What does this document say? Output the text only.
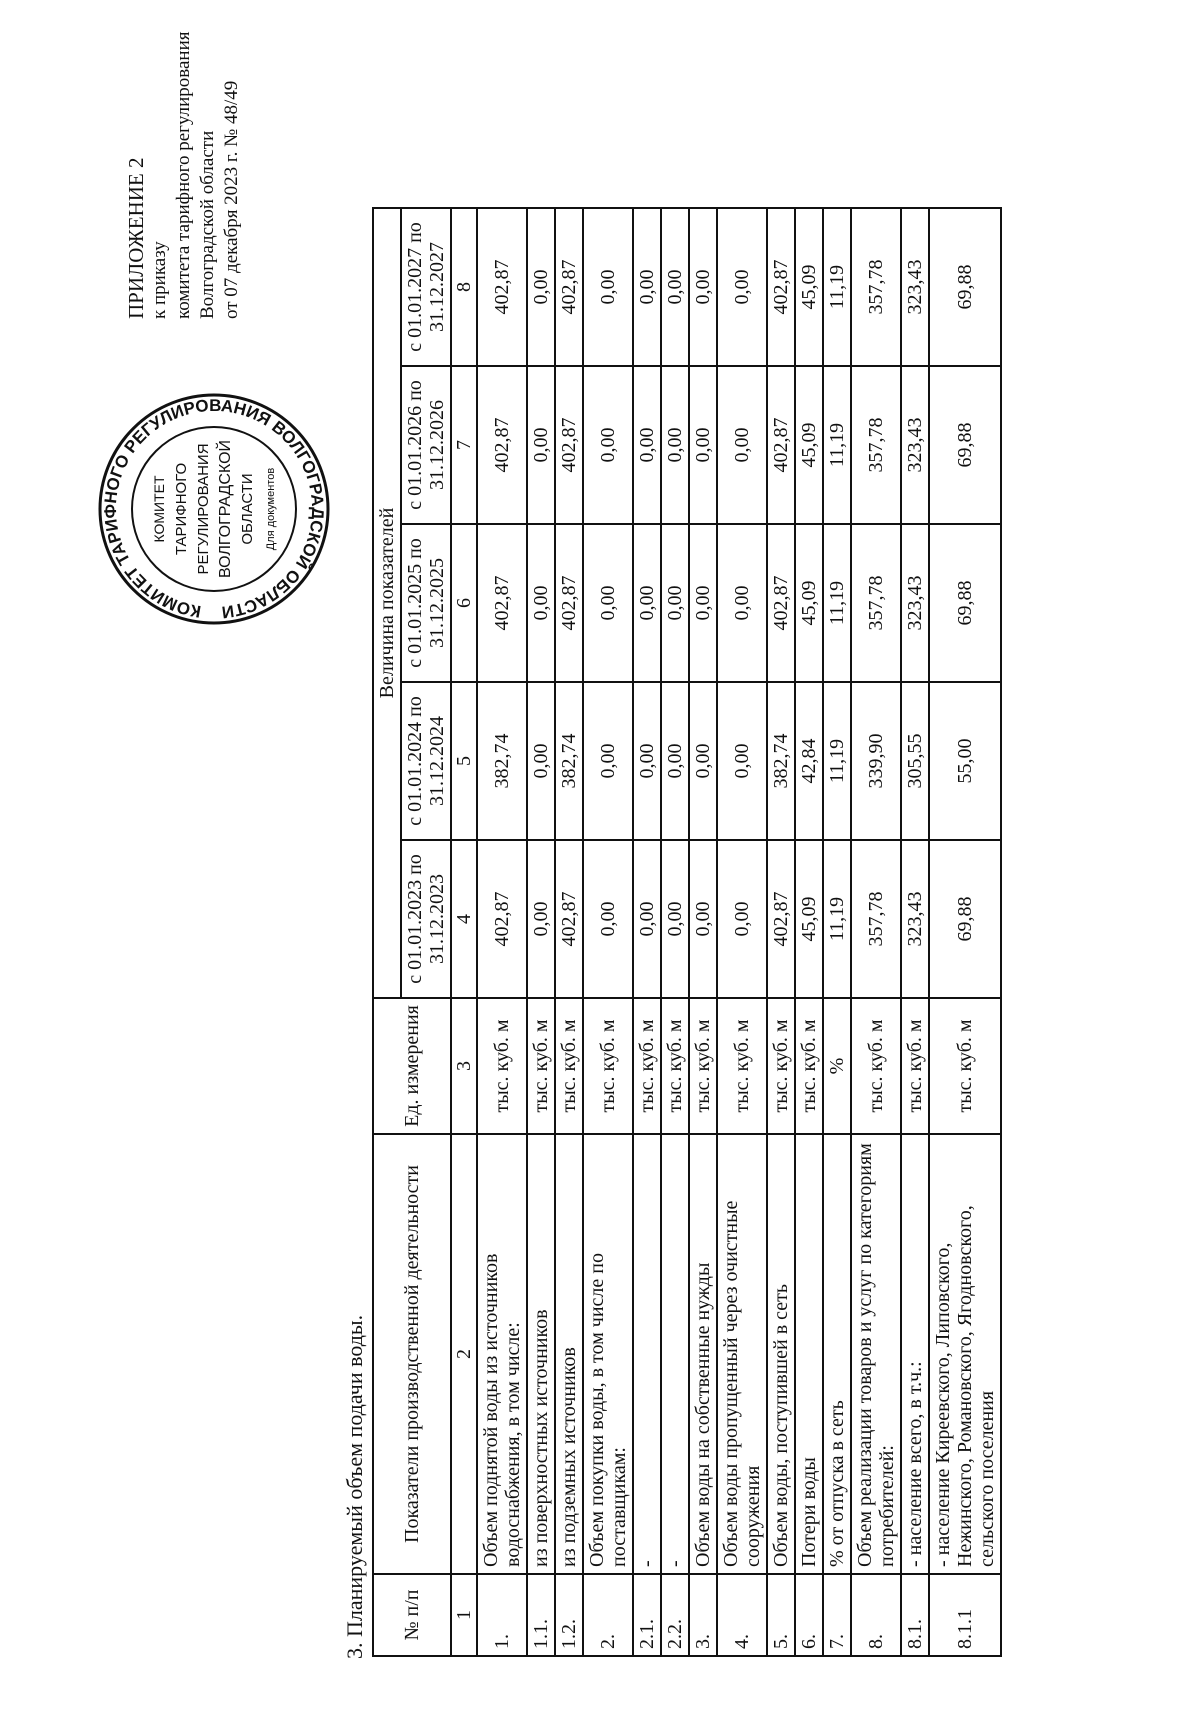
КОМИТЕТ ТАРИФНОГО РЕГУЛИРОВАНИЯ ВОЛГОГРАДСКОЙ ОБЛАСТИ
КОМИТЕТ ТАРИФНОГО РЕГУЛИРОВАНИЯ ВОЛГОГРАДСКОЙ ОБЛАСТИ Для документов
ПРИЛОЖЕНИЕ 2 к приказу комитета тарифного регулирования Волгоградской области от 07 декабря 2023 г. № 48/49
3. Планируемый объем подачи воды. № п/п	Показатели производственной деятельности	Ед. измерения	Величина показателей				
			с 01.01.2023 по 31.12.2023	с 01.01.2024 по 31.12.2024	с 01.01.2025 по 31.12.2025	с 01.01.2026 по 31.12.2026	с 01.01.2027 по 31.12.2027
1	2	3	4	5	6	7	8
1.	Объем поднятой воды из источников водоснабжения, в том числе:	тыс. куб. м	402,87	382,74	402,87	402,87	402,87
1.1.	из поверхностных источников	тыс. куб. м	0,00	0,00	0,00	0,00	0,00
1.2.	из подземных источников	тыс. куб. м	402,87	382,74	402,87	402,87	402,87
2.	Объем покупки воды, в том числе по поставщикам:	тыс. куб. м	0,00	0,00	0,00	0,00	0,00
2.1.	-	тыс. куб. м	0,00	0,00	0,00	0,00	0,00
2.2.	-	тыс. куб. м	0,00	0,00	0,00	0,00	0,00
3.	Объем воды на собственные нужды	тыс. куб. м	0,00	0,00	0,00	0,00	0,00
4.	Объем воды пропущенный через очистные сооружения	тыс. куб. м	0,00	0,00	0,00	0,00	0,00
5.	Объем воды, поступившей в сеть	тыс. куб. м	402,87	382,74	402,87	402,87	402,87
6.	Потери воды	тыс. куб. м	45,09	42,84	45,09	45,09	45,09
7.	% от отпуска в сеть	%	11,19	11,19	11,19	11,19	11,19
8.	Объем реализации товаров и услуг по категориям потребителей:	тыс. куб. м	357,78	339,90	357,78	357,78	357,78
8.1.	- население всего, в т.ч.:	тыс. куб. м	323,43	305,55	323,43	323,43	323,43
8.1.1	- население Киреевского, Липовского, Нежинского, Романовского, Ягодновского, сельского поселения	тыс. куб. м	69,88	55,00	69,88	69,88	69,88
